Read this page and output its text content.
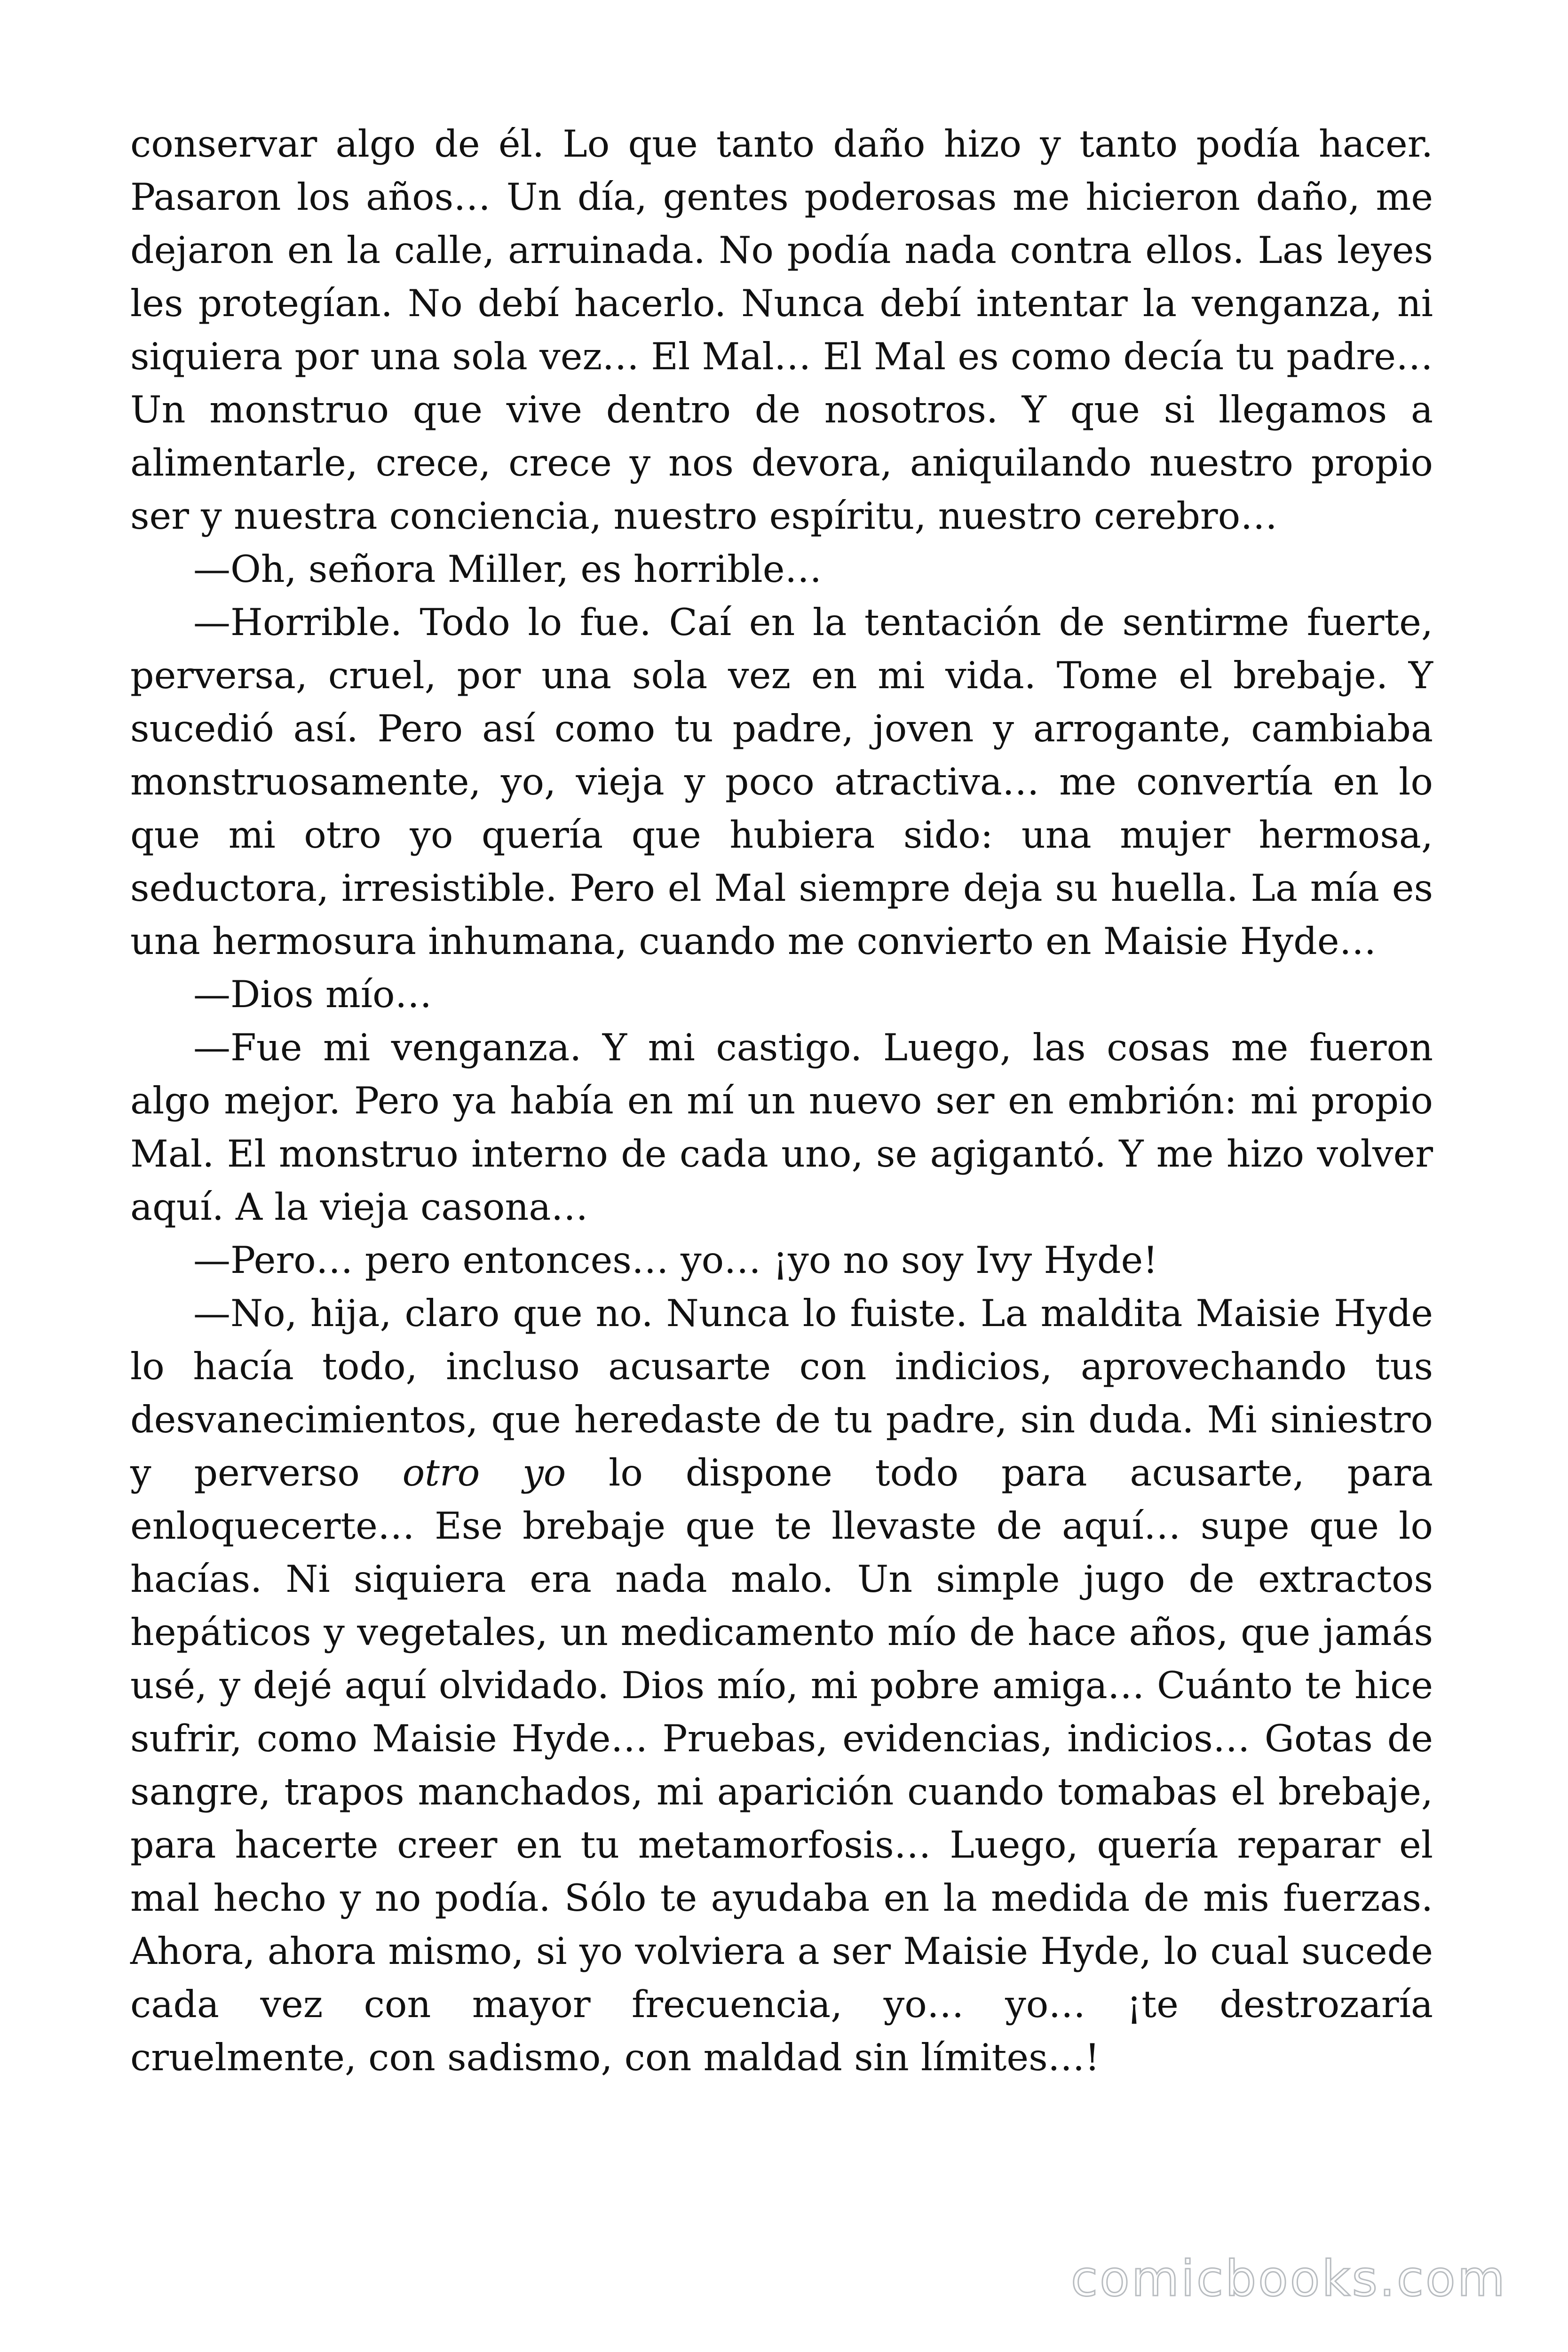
conservar algo de él. Lo que tanto daño hizo y tanto podía hacer. Pasaron los años… Un día, gentes poderosas me hicieron daño, me dejaron en la calle, arruinada. No podía nada contra ellos. Las leyes les protegían. No debí hacerlo. Nunca debí intentar la venganza, ni siquiera por una sola vez… El Mal… El Mal es como decía tu padre… Un monstruo que vive dentro de nosotros. Y que si llegamos a alimentarle, crece, crece y nos devora, aniquilando nuestro propio ser y nuestra conciencia, nuestro espíritu, nuestro cerebro…

—Oh, señora Miller, es horrible…

—Horrible. Todo lo fue. Caí en la tentación de sentirme fuerte, perversa, cruel, por una sola vez en mi vida. Tome el brebaje. Y sucedió así. Pero así como tu padre, joven y arrogante, cambiaba monstruosamente, yo, vieja y poco atractiva… me convertía en lo que mi otro yo quería que hubiera sido: una mujer hermosa, seductora, irresistible. Pero el Mal siempre deja su huella. La mía es una hermosura inhumana, cuando me convierto en Maisie Hyde…

—Dios mío…

—Fue mi venganza. Y mi castigo. Luego, las cosas me fueron algo mejor. Pero ya había en mí un nuevo ser en embrión: mi propio Mal. El monstruo interno de cada uno, se agigantó. Y me hizo volver aquí. A la vieja casona…

—Pero… pero entonces… yo… ¡yo no soy Ivy Hyde!

—No, hija, claro que no. Nunca lo fuiste. La maldita Maisie Hyde lo hacía todo, incluso acusarte con indicios, aprovechando tus desvanecimientos, que heredaste de tu padre, sin duda. Mi siniestro y perverso otro yo lo dispone todo para acusarte, para enloquecerte… Ese brebaje que te llevaste de aquí… supe que lo hacías. Ni siquiera era nada malo. Un simple jugo de extractos hepáticos y vegetales, un medicamento mío de hace años, que jamás usé, y dejé aquí olvidado. Dios mío, mi pobre amiga… Cuánto te hice sufrir, como Maisie Hyde… Pruebas, evidencias, indicios… Gotas de sangre, trapos manchados, mi aparición cuando tomabas el brebaje, para hacerte creer en tu metamorfosis… Luego, quería reparar el mal hecho y no podía. Sólo te ayudaba en la medida de mis fuerzas. Ahora, ahora mismo, si yo volviera a ser Maisie Hyde, lo cual sucede cada vez con mayor frecuencia, yo… yo… ¡te destrozaría cruelmente, con sadismo, con maldad sin límites…!

comicbooks.com
